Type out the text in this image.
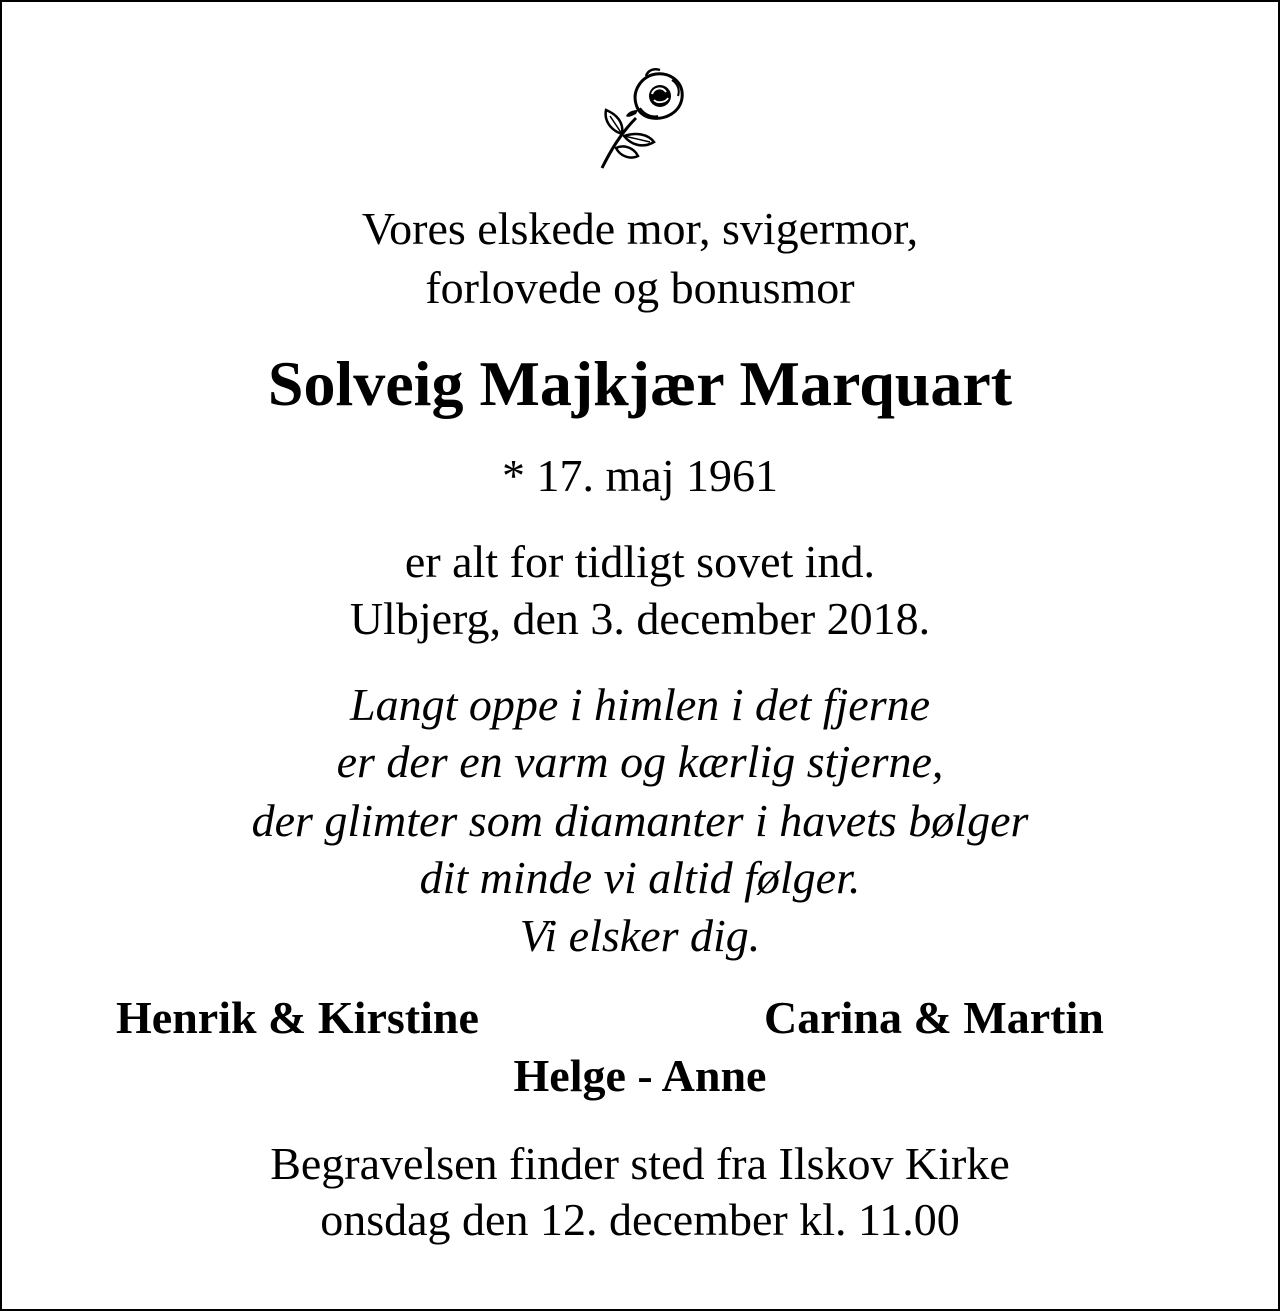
Vores elskede mor, svigermor,
forlovede og bonusmor
Solveig Majkjær Marquart
* 17. maj 1961
er alt for tidligt sovet ind.
Ulbjerg, den 3. december 2018.
Langt oppe i himlen i det fjerne
er der en varm og kærlig stjerne,
der glimter som diamanter i havets bølger
dit minde vi altid følger.
Vi elsker dig.
Henrik & Kirstine	Carina & Martin
Helge - Anne
Begravelsen finder sted fra Ilskov Kirke
onsdag den 12. december kl. 11.00
